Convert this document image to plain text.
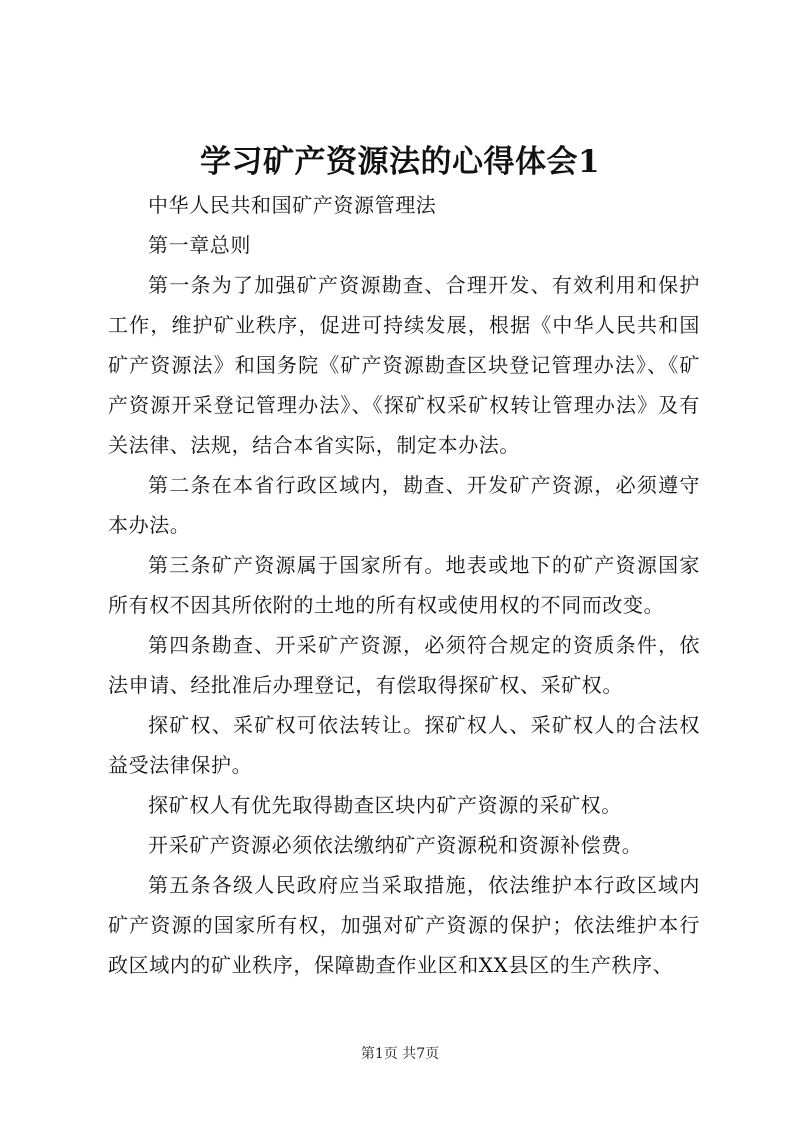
学习矿产资源法的心得体会1

中华人民共和国矿产资源管理法

第一章总则

第一条为了加强矿产资源勘查、合理开发、有效利用和保护工作，维护矿业秩序，促进可持续发展，根据《中华人民共和国矿产资源法》和国务院《矿产资源勘查区块登记管理办法》、《矿产资源开采登记管理办法》、《探矿权采矿权转让管理办法》及有关法律、法规，结合本省实际，制定本办法。

第二条在本省行政区域内，勘查、开发矿产资源，必须遵守本办法。

第三条矿产资源属于国家所有。地表或地下的矿产资源国家所有权不因其所依附的土地的所有权或使用权的不同而改变。

第四条勘查、开采矿产资源，必须符合规定的资质条件，依法申请、经批准后办理登记，有偿取得探矿权、采矿权。

探矿权、采矿权可依法转让。探矿权人、采矿权人的合法权益受法律保护。

探矿权人有优先取得勘查区块内矿产资源的采矿权。

开采矿产资源必须依法缴纳矿产资源税和资源补偿费。

第五条各级人民政府应当采取措施，依法维护本行政区域内矿产资源的国家所有权，加强对矿产资源的保护；依法维护本行政区域内的矿业秩序，保障勘查作业区和XX县区的生产秩序、

第1页 共7页
